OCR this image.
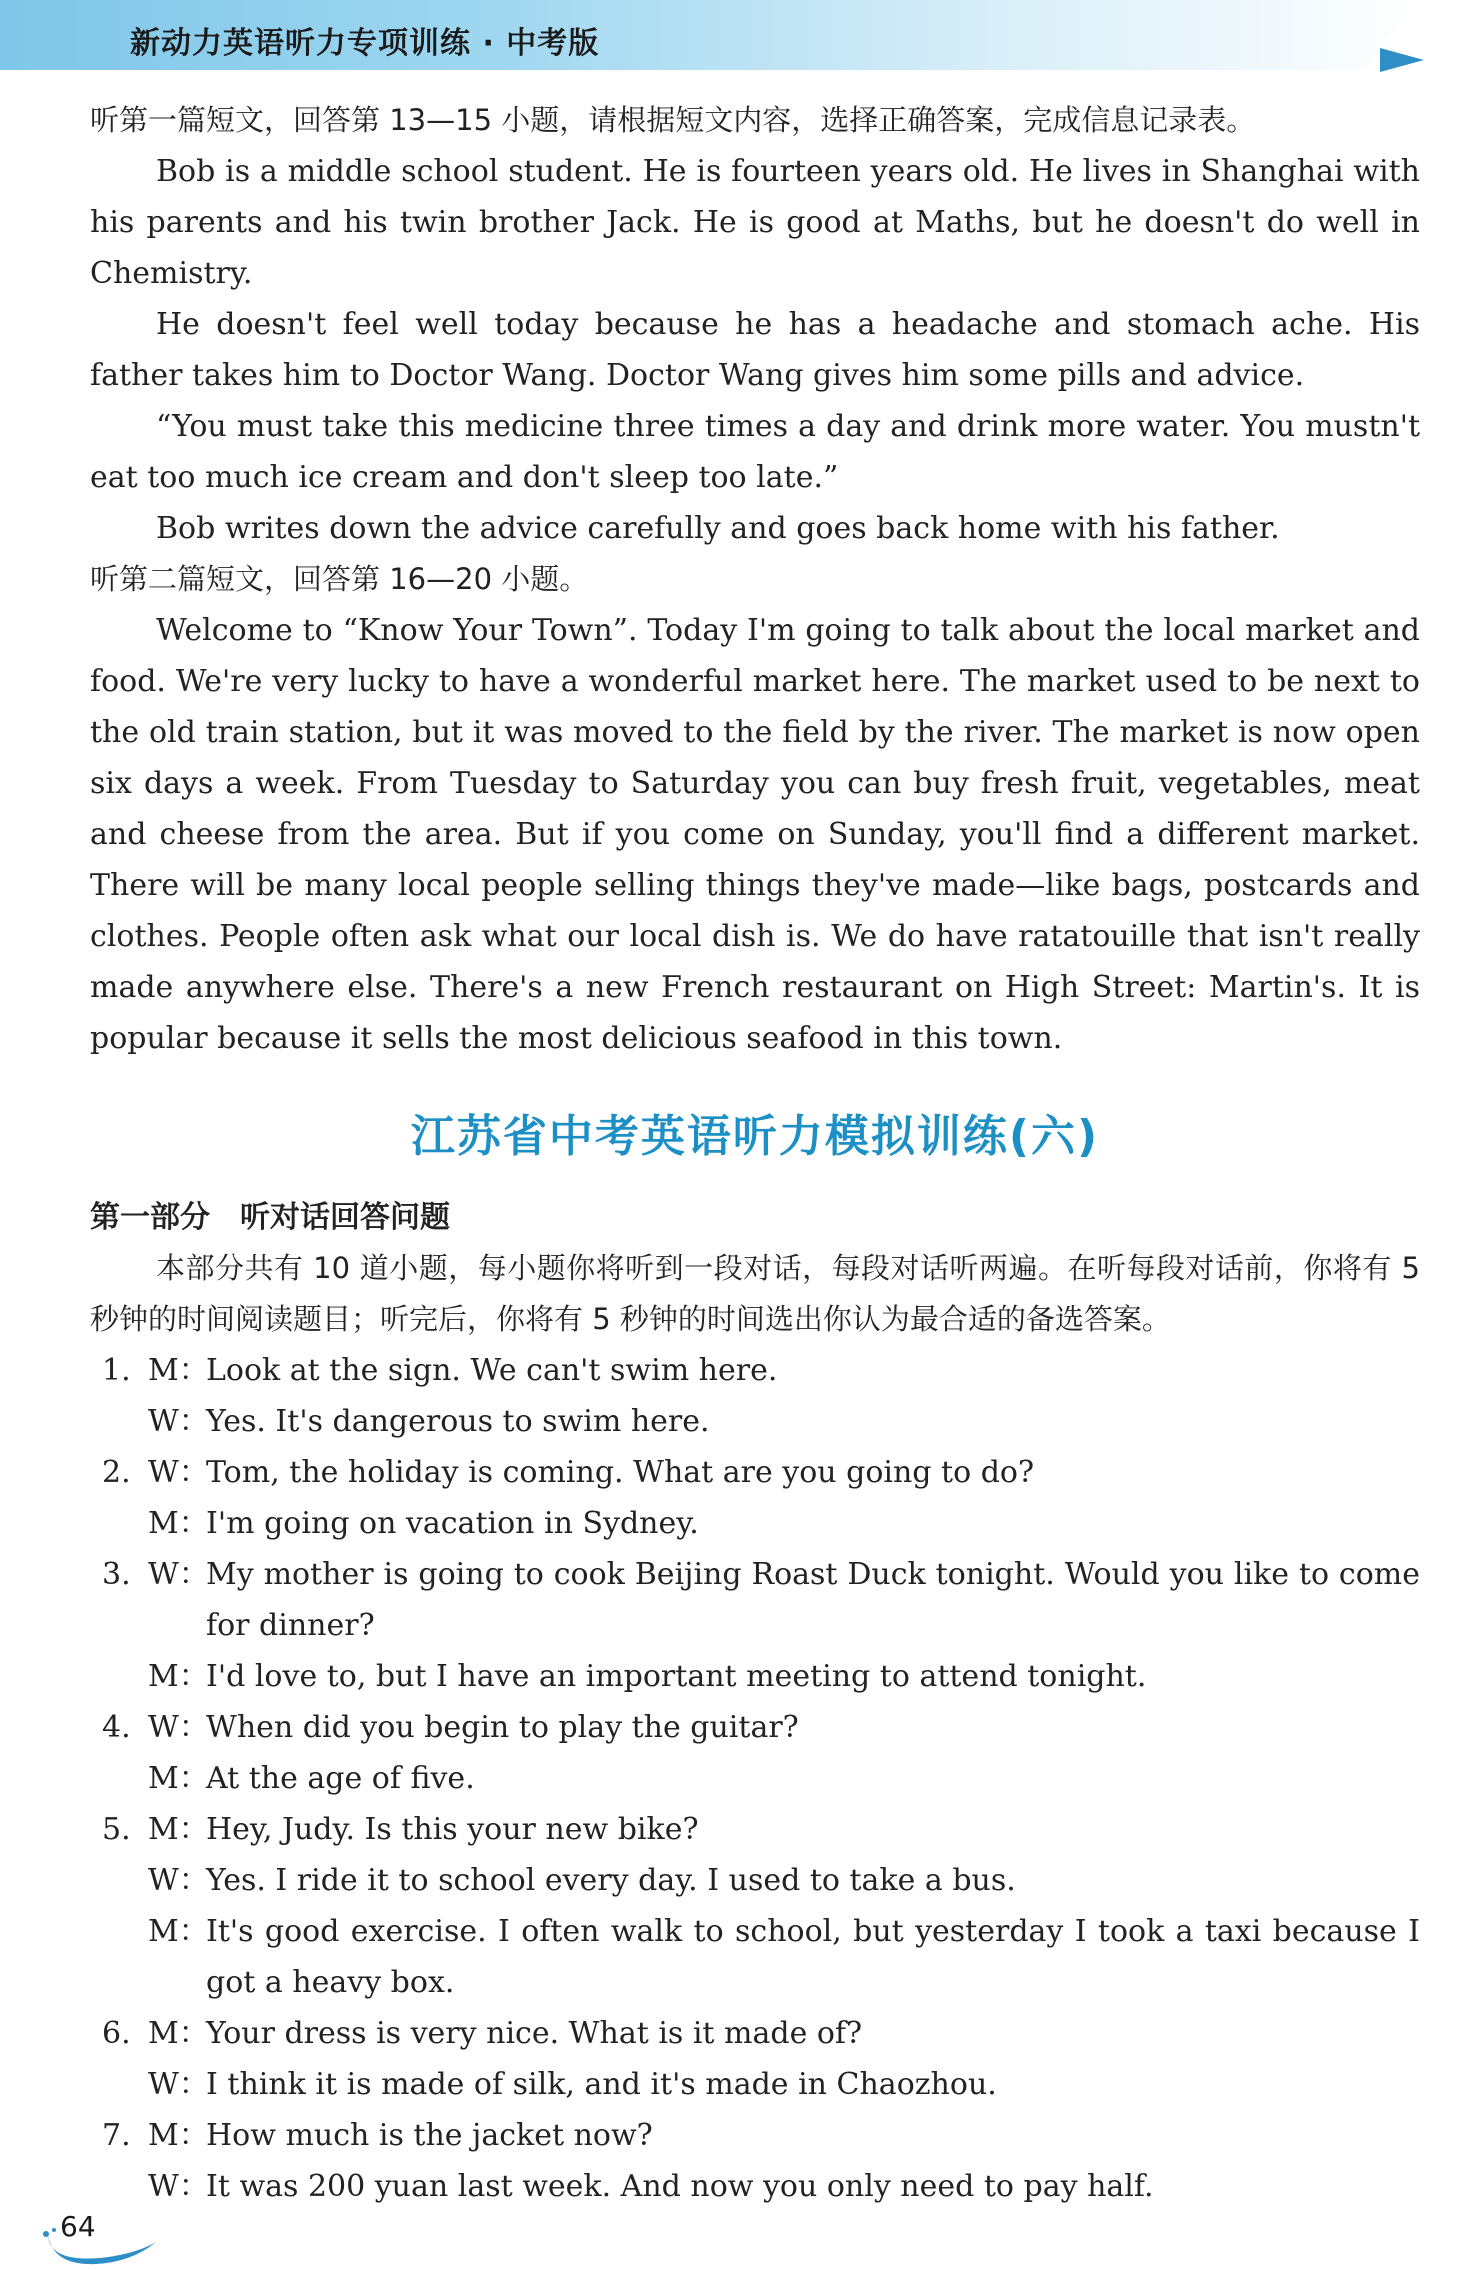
新动力英语听力专项训练 · 中考版

听第一篇短文，回答第 13—15 小题，请根据短文内容，选择正确答案，完成信息记录表。

Bob is a middle school student. He is fourteen years old. He lives in Shanghai with his parents and his twin brother Jack. He is good at Maths, but he doesn't do well in Chemistry.

He doesn't feel well today because he has a headache and stomach ache. His father takes him to Doctor Wang. Doctor Wang gives him some pills and advice.

“You must take this medicine three times a day and drink more water. You mustn't eat too much ice cream and don't sleep too late.”

Bob writes down the advice carefully and goes back home with his father.

听第二篇短文，回答第 16—20 小题。

Welcome to “Know Your Town”. Today I'm going to talk about the local market and food. We're very lucky to have a wonderful market here. The market used to be next to the old train station, but it was moved to the field by the river. The market is now open six days a week. From Tuesday to Saturday you can buy fresh fruit, vegetables, meat and cheese from the area. But if you come on Sunday, you'll find a different market. There will be many local people selling things they've made—like bags, postcards and clothes. People often ask what our local dish is. We do have ratatouille that isn't really made anywhere else. There's a new French restaurant on High Street: Martin's. It is popular because it sells the most delicious seafood in this town.

江苏省中考英语听力模拟训练(六)

第一部分 听对话回答问题

本部分共有 10 道小题，每小题你将听到一段对话，每段对话听两遍。在听每段对话前，你将有 5 秒钟的时间阅读题目；听完后，你将有 5 秒钟的时间选出你认为最合适的备选答案。

1. M：
Look at the sign. We can't swim here.
W：
Yes. It's dangerous to swim here.
2. W：
Tom, the holiday is coming. What are you going to do?
M：
I'm going on vacation in Sydney.
3. W：
My mother is going to cook Beijing Roast Duck tonight. Would you like to come for dinner?
M：
I'd love to, but I have an important meeting to attend tonight.
4. W：
When did you begin to play the guitar?
M：
At the age of five.
5. M：
Hey, Judy. Is this your new bike?
W：
Yes. I ride it to school every day. I used to take a bus.
M：
It's good exercise. I often walk to school, but yesterday I took a taxi because I got a heavy box.
6. M：
Your dress is very nice. What is it made of?
W：
I think it is made of silk, and it's made in Chaozhou.
7. M：
How much is the jacket now?
W：
It was 200 yuan last week. And now you only need to pay half.
64
